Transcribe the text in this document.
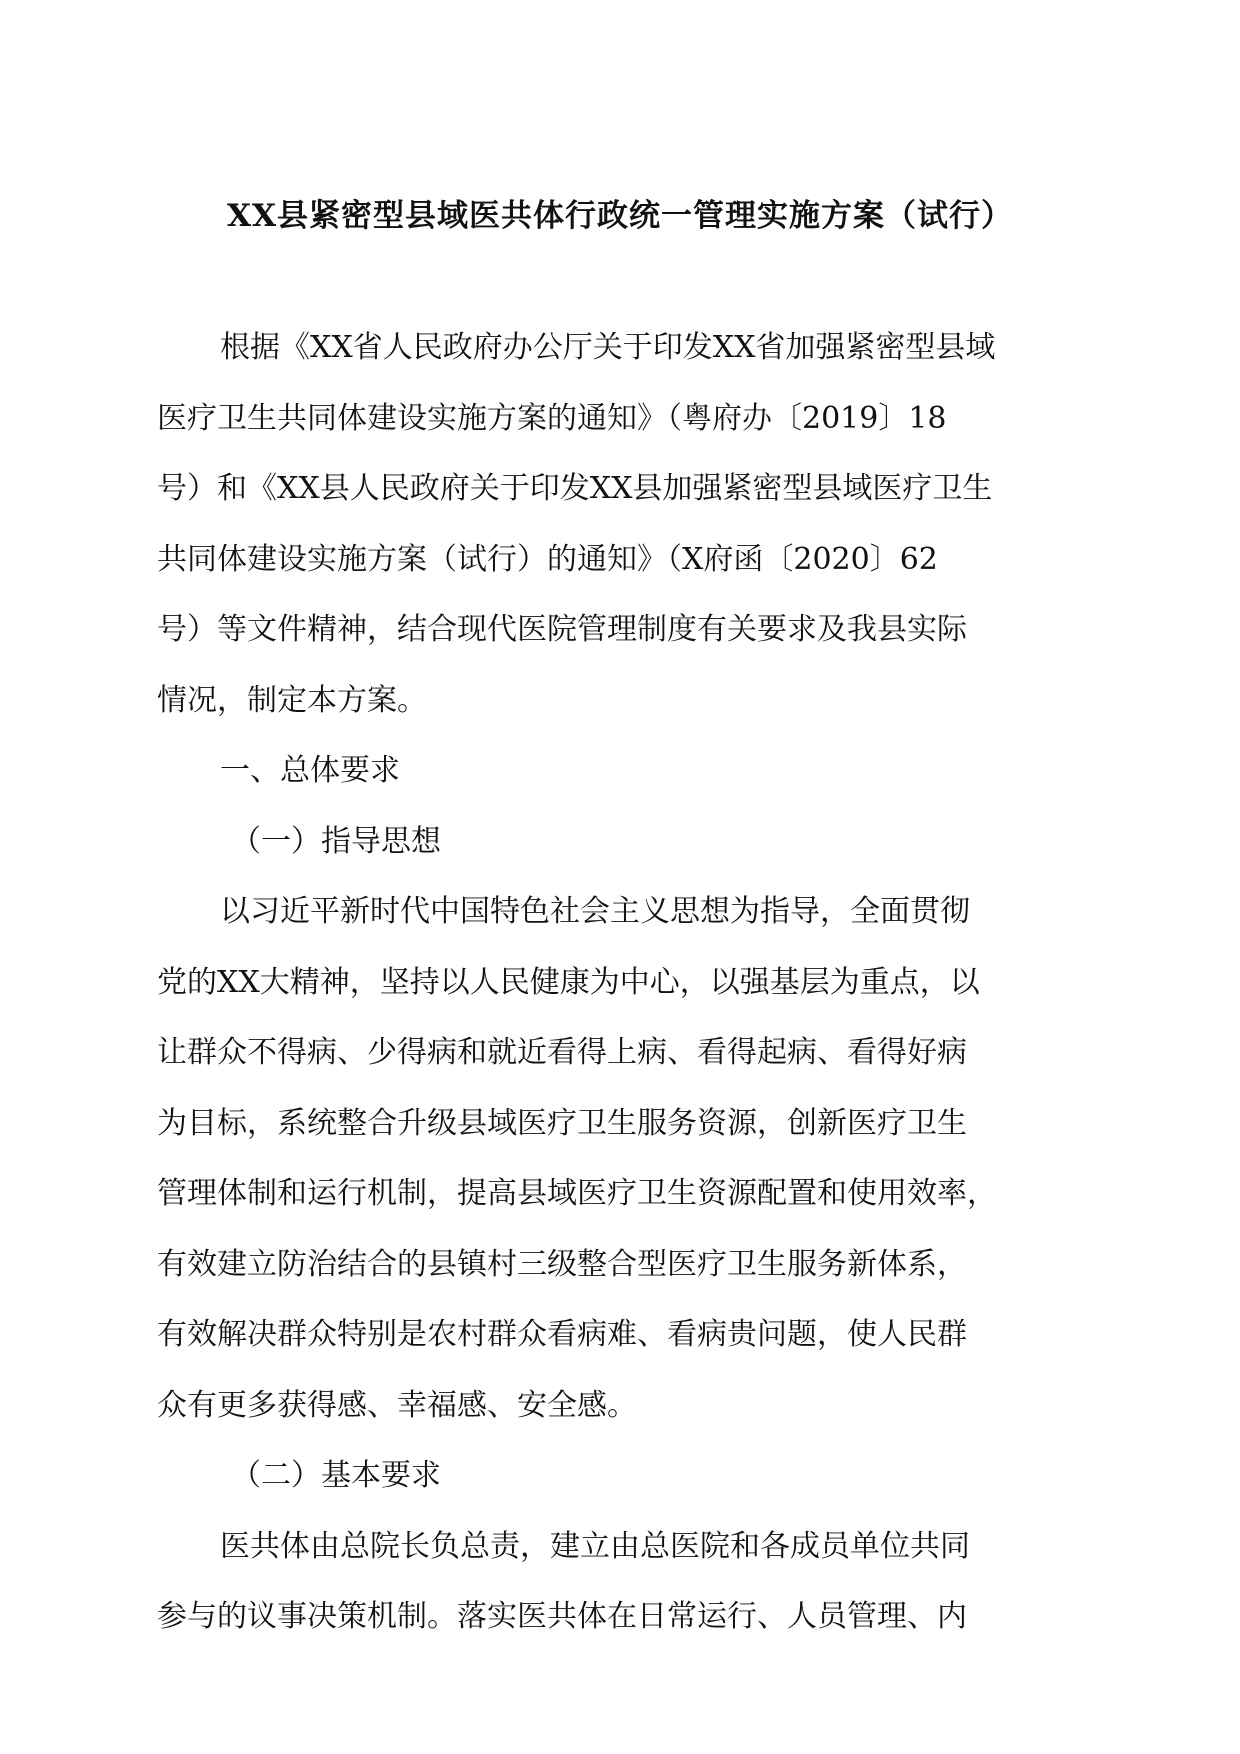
XX县紧密型县域医共体行政统一管理实施方案（试行）

根据《XX省人民政府办公厅关于印发XX省加强紧密型县域
医疗卫生共同体建设实施方案的通知》（粤府办〔2019〕18
号）和《XX县人民政府关于印发XX县加强紧密型县域医疗卫生
共同体建设实施方案（试行）的通知》（X府函〔2020〕62
号）等文件精神，结合现代医院管理制度有关要求及我县实际
情况，制定本方案。

一、总体要求

（一）指导思想

以习近平新时代中国特色社会主义思想为指导，全面贯彻
党的XX大精神，坚持以人民健康为中心，以强基层为重点，以
让群众不得病、少得病和就近看得上病、看得起病、看得好病
为目标，系统整合升级县域医疗卫生服务资源，创新医疗卫生
管理体制和运行机制，提高县域医疗卫生资源配置和使用效率，
有效建立防治结合的县镇村三级整合型医疗卫生服务新体系，
有效解决群众特别是农村群众看病难、看病贵问题，使人民群
众有更多获得感、幸福感、安全感。

（二）基本要求

医共体由总院长负总责，建立由总医院和各成员单位共同
参与的议事决策机制。落实医共体在日常运行、人员管理、内
